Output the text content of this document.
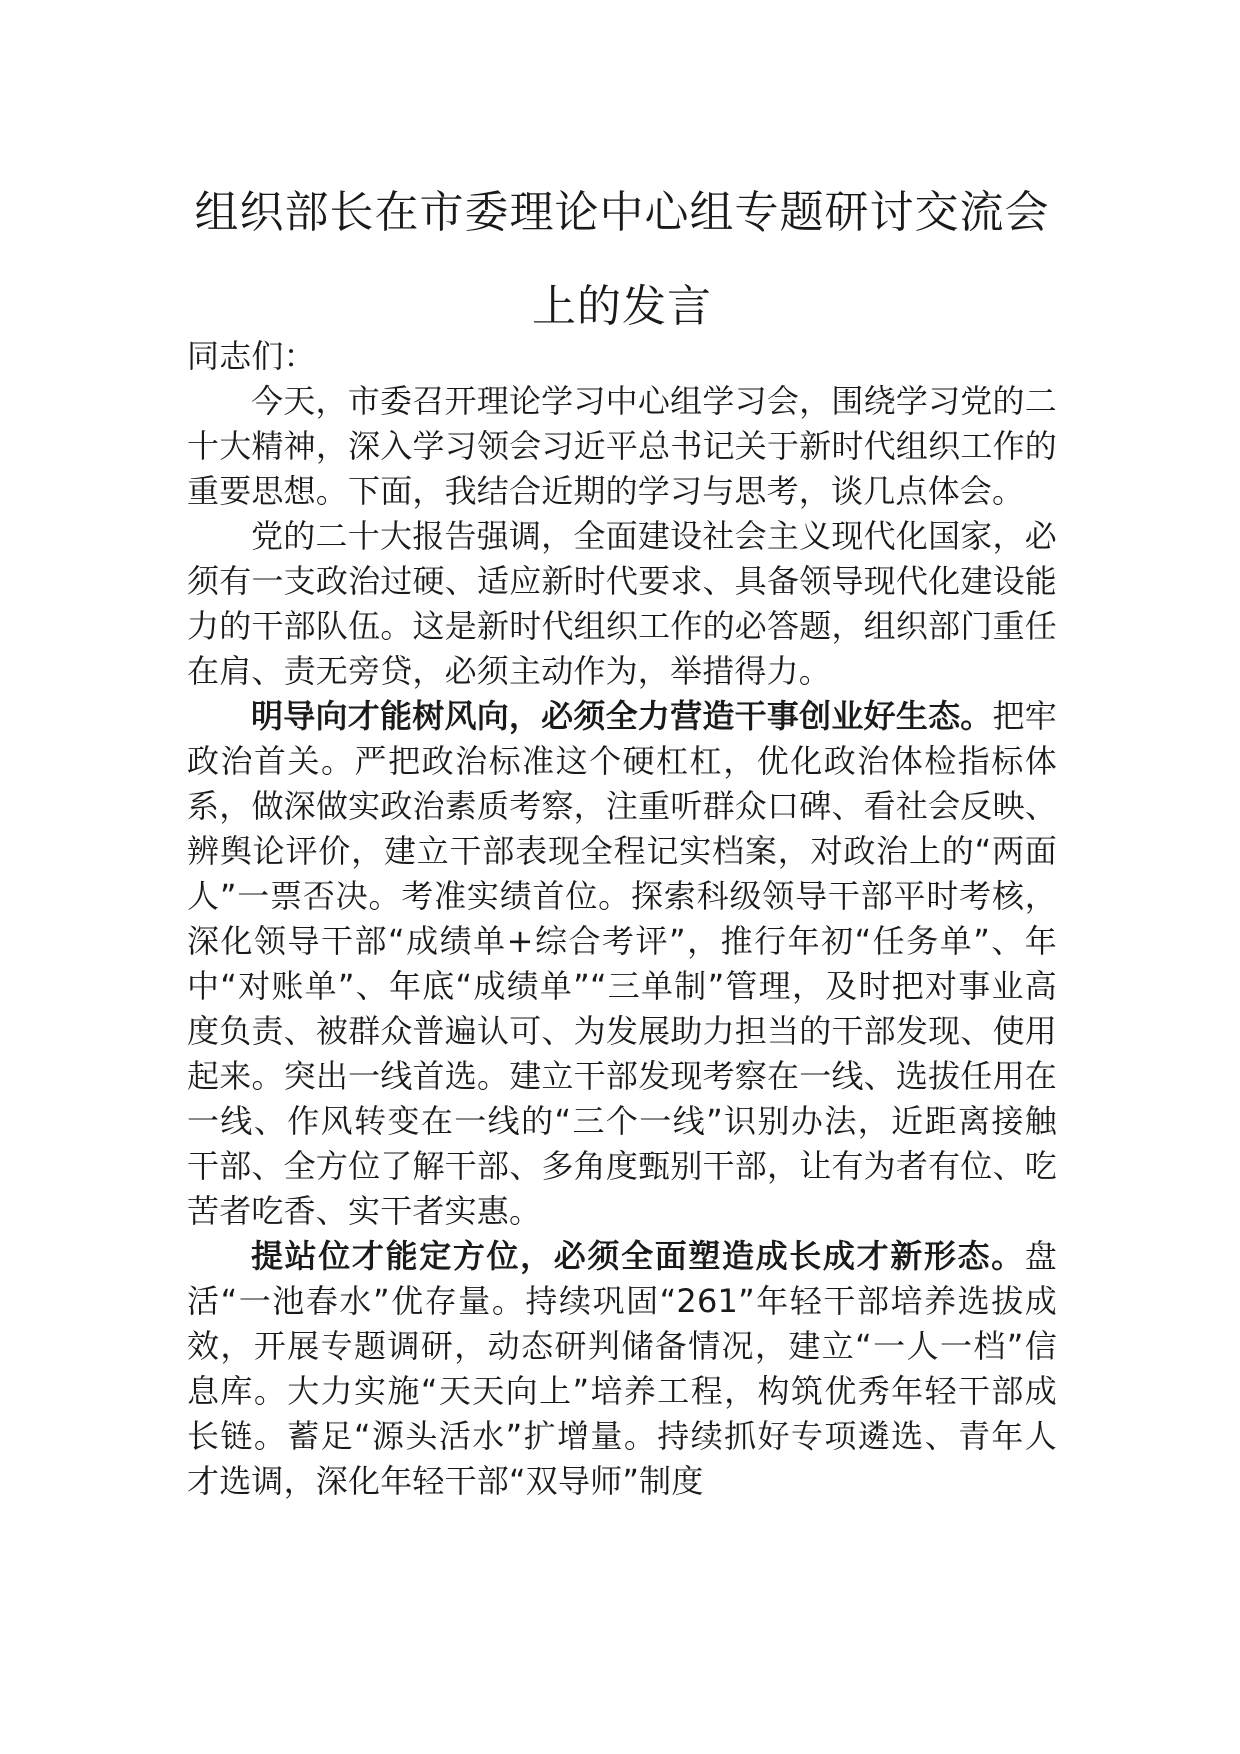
组织部长在市委理论中心组专题研讨交流会上的发言

同志们：

今天，市委召开理论学习中心组学习会，围绕学习党的二十大精神，深入学习领会习近平总书记关于新时代组织工作的重要思想。下面，我结合近期的学习与思考，谈几点体会。

党的二十大报告强调，全面建设社会主义现代化国家，必须有一支政治过硬、适应新时代要求、具备领导现代化建设能力的干部队伍。这是新时代组织工作的必答题，组织部门重任在肩、责无旁贷，必须主动作为，举措得力。

明导向才能树风向，必须全力营造干事创业好生态。把牢政治首关。严把政治标准这个硬杠杠，优化政治体检指标体系，做深做实政治素质考察，注重听群众口碑、看社会反映、辨舆论评价，建立干部表现全程记实档案，对政治上的“两面人”一票否决。考准实绩首位。探索科级领导干部平时考核，深化领导干部“成绩单+综合考评”，推行年初“任务单”、年中“对账单”、年底“成绩单”“三单制”管理，及时把对事业高度负责、被群众普遍认可、为发展助力担当的干部发现、使用起来。突出一线首选。建立干部发现考察在一线、选拔任用在一线、作风转变在一线的“三个一线”识别办法，近距离接触干部、全方位了解干部、多角度甄别干部，让有为者有位、吃苦者吃香、实干者实惠。

提站位才能定方位，必须全面塑造成长成才新形态。盘活“一池春水”优存量。持续巩固“261”年轻干部培养选拔成效，开展专题调研，动态研判储备情况，建立“一人一档”信息库。大力实施“天天向上”培养工程，构筑优秀年轻干部成长链。蓄足“源头活水”扩增量。持续抓好专项遴选、青年人才选调，深化年轻干部“双导师”制度
